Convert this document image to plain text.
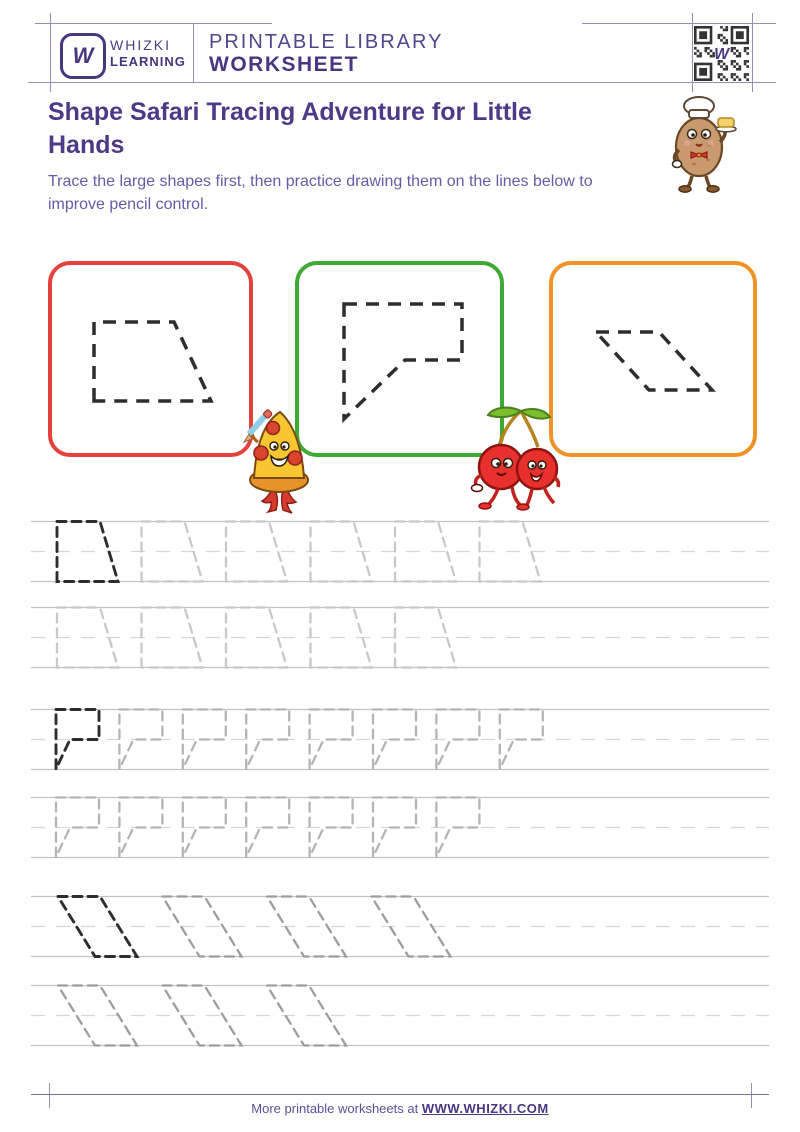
W WHIZKI
LEARNING
PRINTABLE LIBRARY
WORKSHEET	W
Shape Safari Tracing Adventure for Little Hands
Trace the large shapes first, then practice drawing them on the lines below to improve pencil control.
More printable worksheets at WWW.WHIZKI.COM
